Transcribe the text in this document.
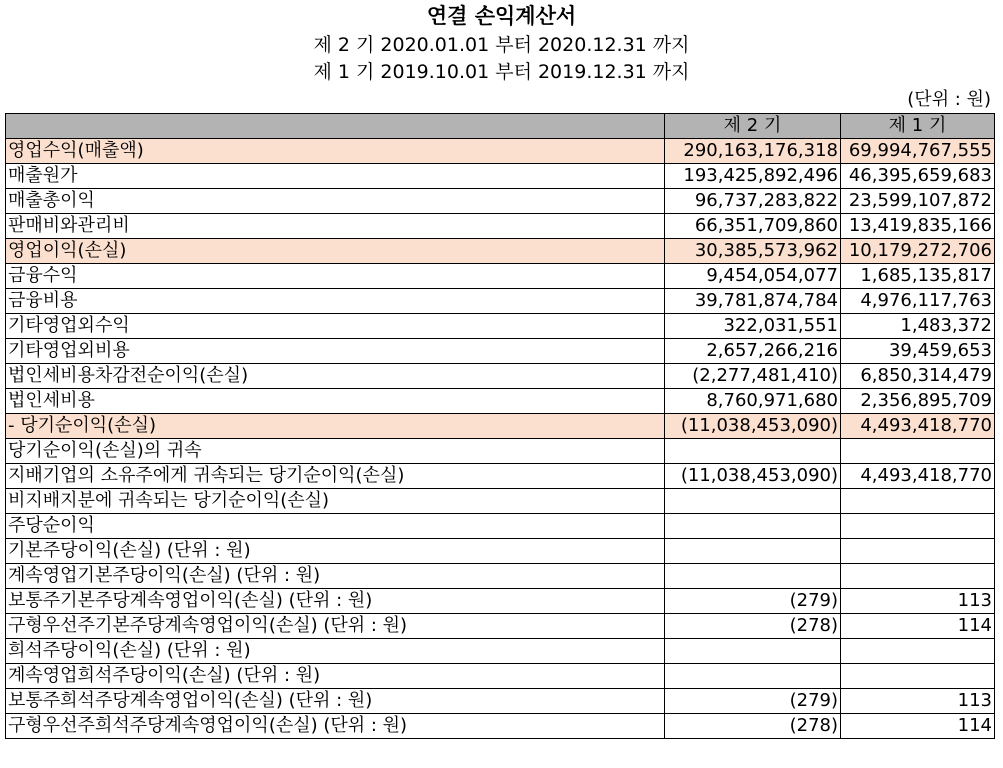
연결 손익계산서
제 2 기 2020.01.01 부터 2020.12.31 까지
제 1 기 2019.10.01 부터 2019.12.31 까지
(단위 : 원)
	제 2 기	제 1 기
영업수익(매출액)	290,163,176,318	69,994,767,555
매출원가	193,425,892,496	46,395,659,683
매출총이익	96,737,283,822	23,599,107,872
판매비와관리비	66,351,709,860	13,419,835,166
영업이익(손실)	30,385,573,962	10,179,272,706
금융수익	9,454,054,077	1,685,135,817
금융비용	39,781,874,784	4,976,117,763
기타영업외수익	322,031,551	1,483,372
기타영업외비용	2,657,266,216	39,459,653
법인세비용차감전순이익(손실)	(2,277,481,410)	6,850,314,479
법인세비용	8,760,971,680	2,356,895,709
- 당기순이익(손실)	(11,038,453,090)	4,493,418,770
당기순이익(손실)의 귀속		
지배기업의 소유주에게 귀속되는 당기순이익(손실)	(11,038,453,090)	4,493,418,770
비지배지분에 귀속되는 당기순이익(손실)		
주당순이익		
기본주당이익(손실) (단위 : 원)		
계속영업기본주당이익(손실) (단위 : 원)		
보통주기본주당계속영업이익(손실) (단위 : 원)	(279)	113
구형우선주기본주당계속영업이익(손실) (단위 : 원)	(278)	114
희석주당이익(손실) (단위 : 원)		
계속영업희석주당이익(손실) (단위 : 원)		
보통주희석주당계속영업이익(손실) (단위 : 원)	(279)	113
구형우선주희석주당계속영업이익(손실) (단위 : 원)	(278)	114
